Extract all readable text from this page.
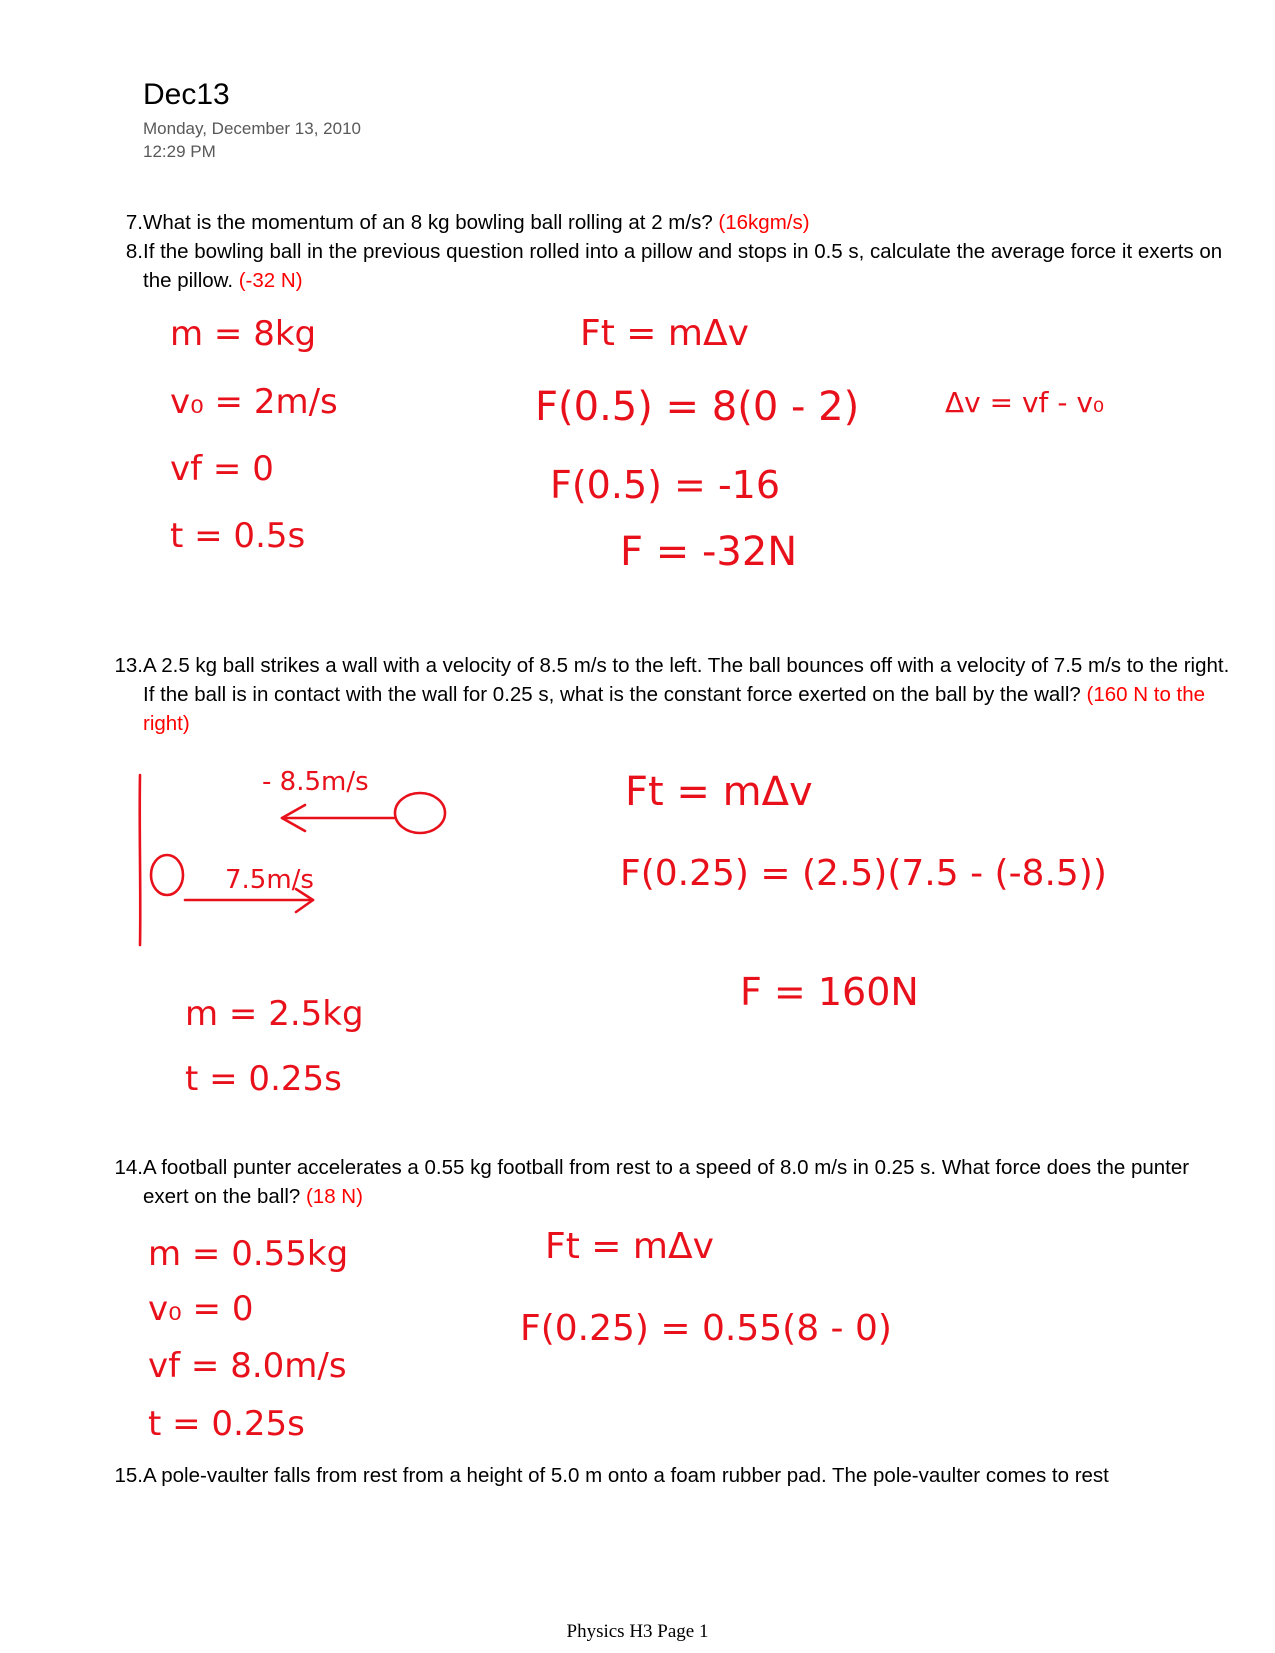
Dec13
Monday, December 13, 2010
12:29 PM
7. What is the momentum of an 8 kg bowling ball rolling at 2 m/s? (16kgm/s)
8. If the bowling ball in the previous question rolled into a pillow and stops in 0.5 s, calculate the average force it exerts on the pillow. (-32 N)
13. A 2.5 kg ball strikes a wall with a velocity of 8.5 m/s to the left. The ball bounces off with a velocity of 7.5 m/s to the right. If the ball is in contact with the wall for 0.25 s, what is the constant force exerted on the ball by the wall? (160 N to the right)
14. A football punter accelerates a 0.55 kg football from rest to a speed of 8.0 m/s in 0.25 s. What force does the punter exert on the ball? (18 N)
15. A pole-vaulter falls from rest from a height of 5.0 m onto a foam rubber pad. The pole-vaulter comes to rest
m = 8kg
v₀ = 2m/s
vf = 0
t = 0.5s
Ft = mΔv
F(0.5) = 8(0 - 2)
F(0.5) = -16
F = -32N
Δv = vf - v₀
- 8.5m/s
7.5m/s
m = 2.5kg
t = 0.25s
Ft = mΔv
F(0.25) = (2.5)(7.5 - (-8.5))
F = 160N
m = 0.55kg
v₀ = 0
vf = 8.0m/s
t = 0.25s
Ft = mΔv
F(0.25) = 0.55(8 - 0)
Physics H3 Page 1
